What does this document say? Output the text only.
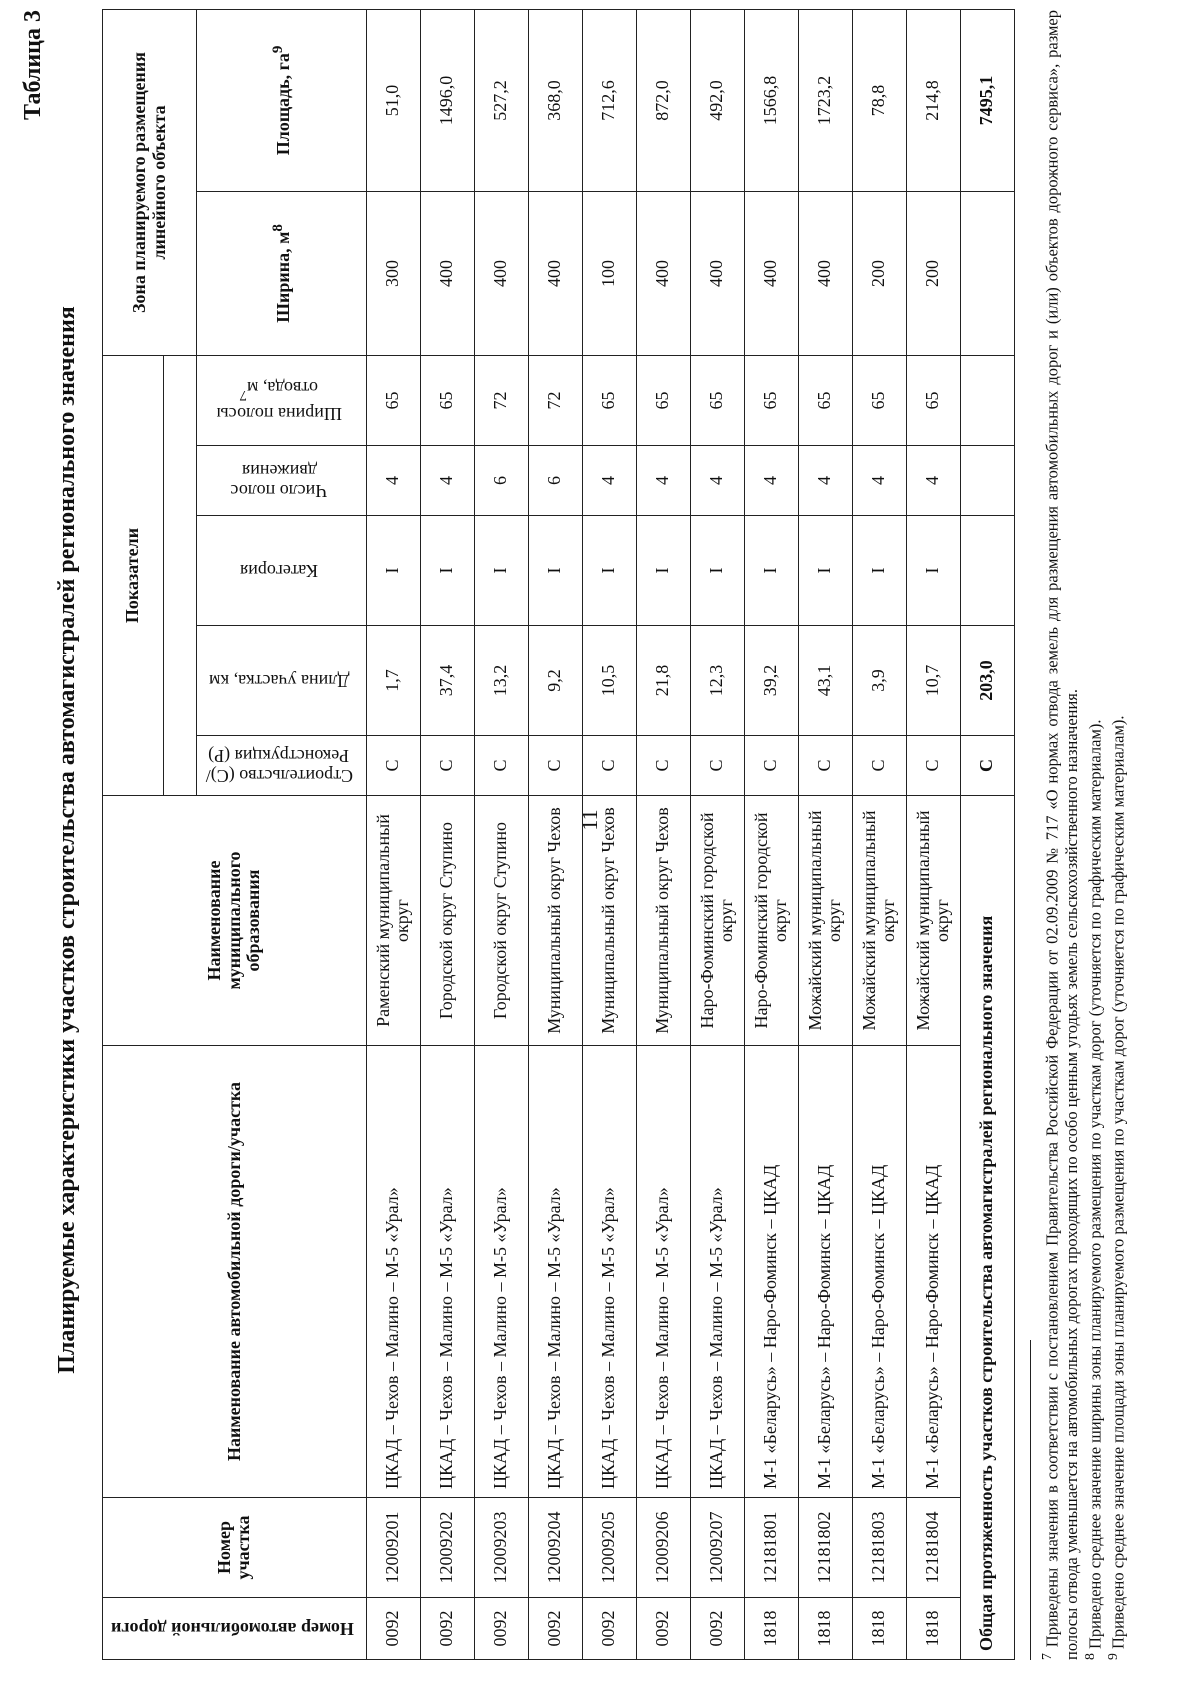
11
Таблица 3
Планируемые характеристики участков строительства автомагистралей регионального значения
Номер автомобильной дороги	Номер участка	Наименование автомобильной дороги/участка	Наименование муниципального образования	Показатели					Зона планируемого размещения линейного объекта	

				Строительство (С)/ Реконструкция (Р)	Длина участка, км	Категория	Число полос движения	Ширина полосы отвода, $м^7$	Ширина, $м^8$	Площадь, $га^9$
0092	12009201	ЦКАД – Чехов – Малино – М-5 «Урал»	Раменский муниципальный округ	С	1,7	I	4	65	300	51,0
0092	12009202	ЦКАД – Чехов – Малино – М-5 «Урал»	Городской округ Ступино	С	37,4	I	4	65	400	1496,0
0092	12009203	ЦКАД – Чехов – Малино – М-5 «Урал»	Городской округ Ступино	С	13,2	I	6	72	400	527,2
0092	12009204	ЦКАД – Чехов – Малино – М-5 «Урал»	Муниципальный округ Чехов	С	9,2	I	6	72	400	368,0
0092	12009205	ЦКАД – Чехов – Малино – М-5 «Урал»	Муниципальный округ Чехов	С	10,5	I	4	65	100	712,6
0092	12009206	ЦКАД – Чехов – Малино – М-5 «Урал»	Муниципальный округ Чехов	С	21,8	I	4	65	400	872,0
0092	12009207	ЦКАД – Чехов – Малино – М-5 «Урал»	Наро-Фоминский городской округ	С	12,3	I	4	65	400	492,0
1818	12181801	М-1 «Беларусь» – Наро-Фоминск – ЦКАД	Наро-Фоминский городской округ	С	39,2	I	4	65	400	1566,8
1818	12181802	М-1 «Беларусь» – Наро-Фоминск – ЦКАД	Можайский муниципальный округ	С	43,1	I	4	65	400	1723,2
1818	12181803	М-1 «Беларусь» – Наро-Фоминск – ЦКАД	Можайский муниципальный округ	С	3,9	I	4	65	200	78,8
1818	12181804	М-1 «Беларусь» – Наро-Фоминск – ЦКАД	Можайский муниципальный округ	С	10,7	I	4	65	200	214,8
Общая протяженность участков строительства автомагистралей регионального значения				С	203,0					7495,1

$^7$ Приведены значения в соответствии с постановлением Правительства Российской Федерации от 02.09.2009 № 717 «О нормах отвода земель для размещения автомобильных дорог и (или) объектов дорожного сервиса», размер полосы отвода уменьшается на автомобильных дорогах проходящих по особо ценным угодьях земель сельскохозяйственного назначения. $^8$ Приведено среднее значение ширины зоны планируемого размещения по участкам дорог (уточняется по графическим материалам).

$^9$ Приведено среднее значение площади зоны планируемого размещения по участкам дорог (уточняется по графическим материалам).
